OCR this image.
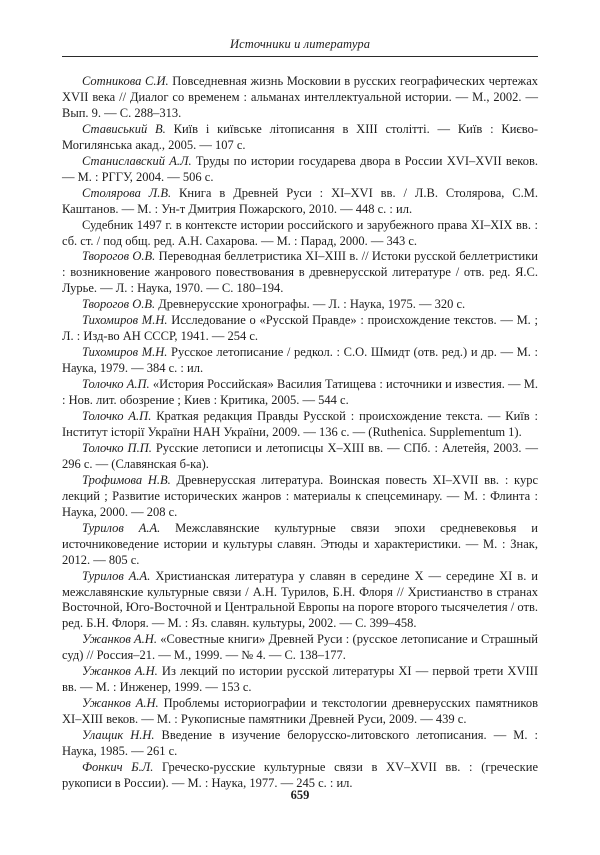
Источники и литература

Сотникова С.И. Повседневная жизнь Московии в русских географических чертежах XVII века // Диалог со временем : альманах интеллектуальной истории. — М., 2002. — Вып. 9. — С. 288–313.

Стависький В. Київ і київське літописання в XIII столітті. — Київ : Києво-Могилянська акад., 2005. — 107 с.

Станиславский А.Л. Труды по истории государева двора в России XVI–XVII веков. — М. : РГГУ, 2004. — 506 с.

Столярова Л.В. Книга в Древней Руси : XI–XVI вв. / Л.В. Столярова, С.М. Каштанов. — М. : Ун-т Дмитрия Пожарского, 2010. — 448 с. : ил.

Судебник 1497 г. в контексте истории российского и зарубежного права XI–XIX вв. : сб. ст. / под общ. ред. А.Н. Сахарова. — М. : Парад, 2000. — 343 с.

Творогов О.В. Переводная беллетристика XI–XIII в. // Истоки русской беллетристики : возникновение жанрового повествования в древнерусской литературе / отв. ред. Я.С. Лурье. — Л. : Наука, 1970. — С. 180–194.

Творогов О.В. Древнерусские хронографы. — Л. : Наука, 1975. — 320 с.

Тихомиров М.Н. Исследование о «Русской Правде» : происхождение текстов. — М. ; Л. : Изд-во АН СССР, 1941. — 254 с.

Тихомиров М.Н. Русское летописание / редкол. : С.О. Шмидт (отв. ред.) и др. — М. : Наука, 1979. — 384 с. : ил.

Толочко А.П. «История Российская» Василия Татищева : источники и известия. — М. : Нов. лит. обозрение ; Киев : Критика, 2005. — 544 с.

Толочко А.П. Краткая редакция Правды Русской : происхождение текста. — Київ : Інститут історії України НАН України, 2009. — 136 с. — (Ruthenica. Supplementum 1).

Толочко П.П. Русские летописи и летописцы X–XIII вв. — СПб. : Алетейя, 2003. — 296 с. — (Славянская б-ка).

Трофимова Н.В. Древнерусская литература. Воинская повесть XI–XVII вв. : курс лекций ; Развитие исторических жанров : материалы к спецсеминару. — М. : Флинта : Наука, 2000. — 208 с.

Турилов А.А. Межславянские культурные связи эпохи средневековья и источниковедение истории и культуры славян. Этюды и характеристики. — М. : Знак, 2012. — 805 с.

Турилов А.А. Христианская литература у славян в середине X — середине XI в. и межславянские культурные связи / А.Н. Турилов, Б.Н. Флоря // Христианство в странах Восточной, Юго-Восточной и Центральной Европы на пороге второго тысячелетия / отв. ред. Б.Н. Флоря. — М. : Яз. славян. культуры, 2002. — С. 399–458.

Ужанков А.Н. «Совестные книги» Древней Руси : (русское летописание и Страшный суд) // Россия–21. — М., 1999. — № 4. — С. 138–177.

Ужанков А.Н. Из лекций по истории русской литературы XI — первой трети XVIII вв. — М. : Инженер, 1999. — 153 с.

Ужанков А.Н. Проблемы историографии и текстологии древнерусских памятников XI–XIII веков. — М. : Рукописные памятники Древней Руси, 2009. — 439 с.

Улащик Н.Н. Введение в изучение белорусско-литовского летописания. — М. : Наука, 1985. — 261 с.

Фонкич Б.Л. Греческо-русские культурные связи в XV–XVII вв. : (греческие рукописи в России). — М. : Наука, 1977. — 245 с. : ил.

659
